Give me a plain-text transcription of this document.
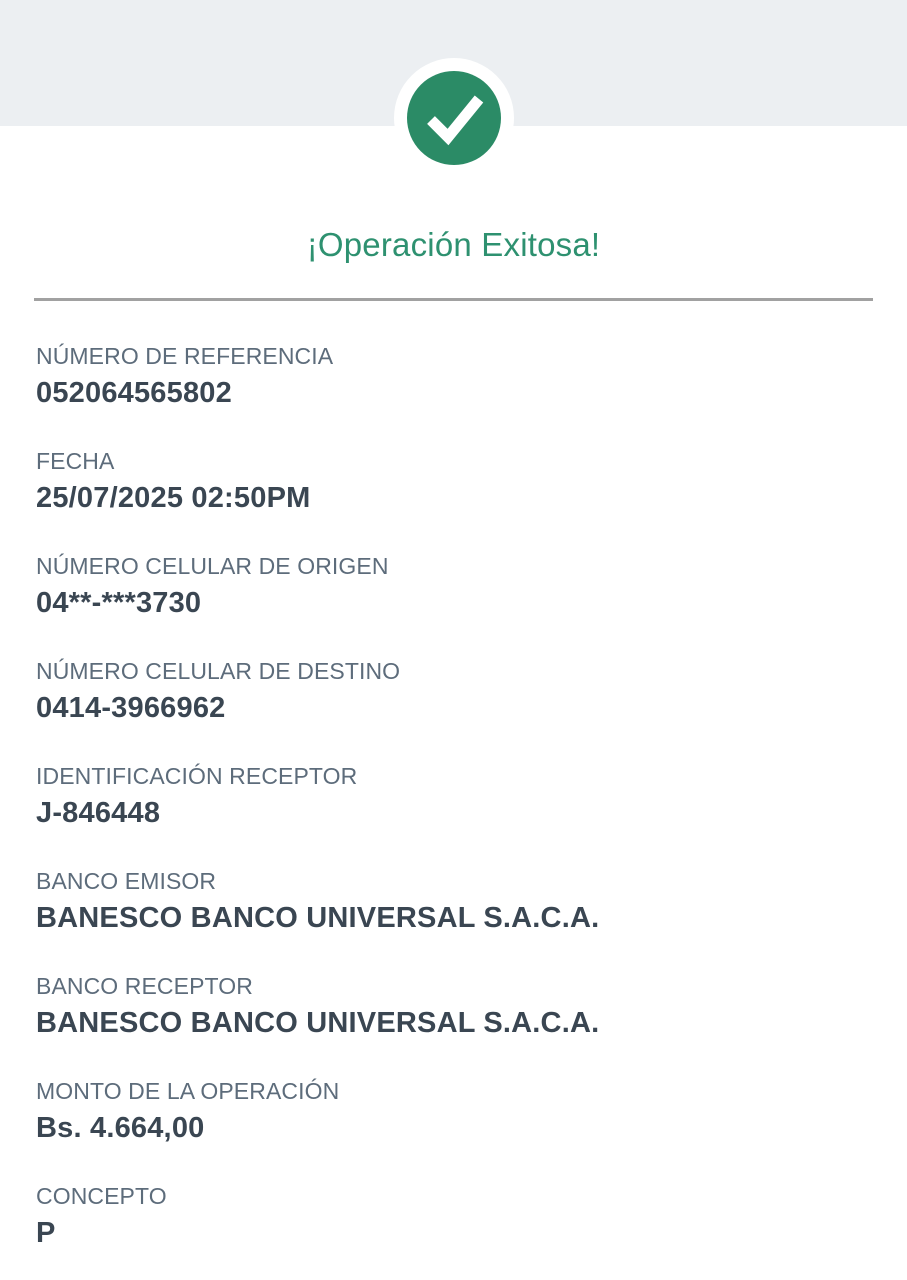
¡Operación Exitosa!
NÚMERO DE REFERENCIA
052064565802
FECHA
25/07/2025 02:50PM
NÚMERO CELULAR DE ORIGEN
04**-***3730
NÚMERO CELULAR DE DESTINO
0414-3966962
IDENTIFICACIÓN RECEPTOR
J-846448
BANCO EMISOR
BANESCO BANCO UNIVERSAL S.A.C.A.
BANCO RECEPTOR
BANESCO BANCO UNIVERSAL S.A.C.A.
MONTO DE LA OPERACIÓN
Bs. 4.664,00
CONCEPTO
P
